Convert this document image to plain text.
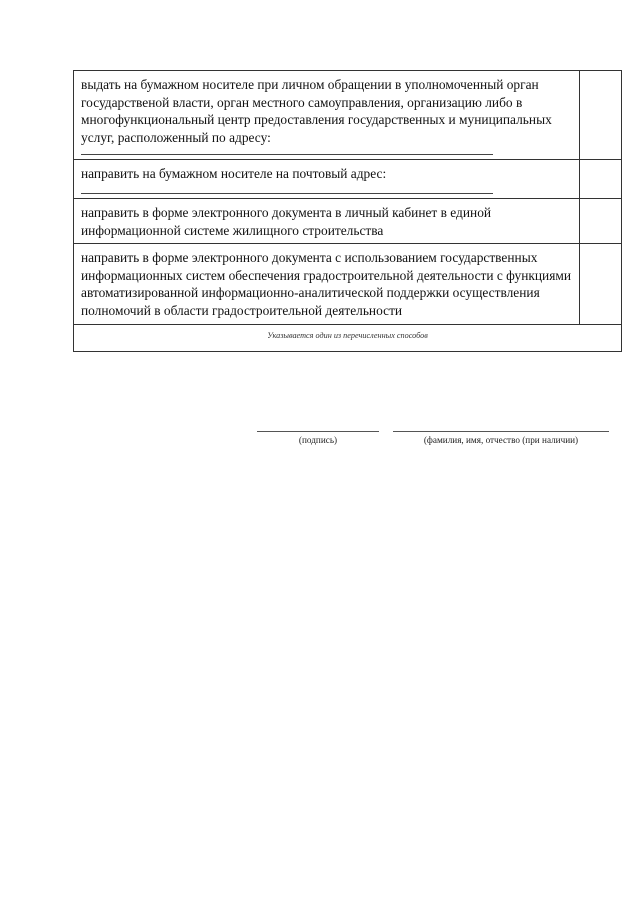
выдать на бумажном носителе при личном обращении в уполномоченный орган государственой власти, орган местного самоуправления, организацию либо в многофункциональный центр предоставления государственных и муниципальных услуг, расположенный по адресу:

направить на бумажном носителе на почтовый адрес:

направить в форме электронного документа в личный кабинет в единой информационной системе жилищного строительства	
направить в форме электронного документа с использованием государственных информационных систем обеспечения градостроительной деятельности с функциями автоматизированной информационно-аналитической поддержки осуществления полномочий в области градостроительной деятельности	
Указывается один из перечисленных способов	
(подпись)	(фамилия, имя, отчество (при наличии)
